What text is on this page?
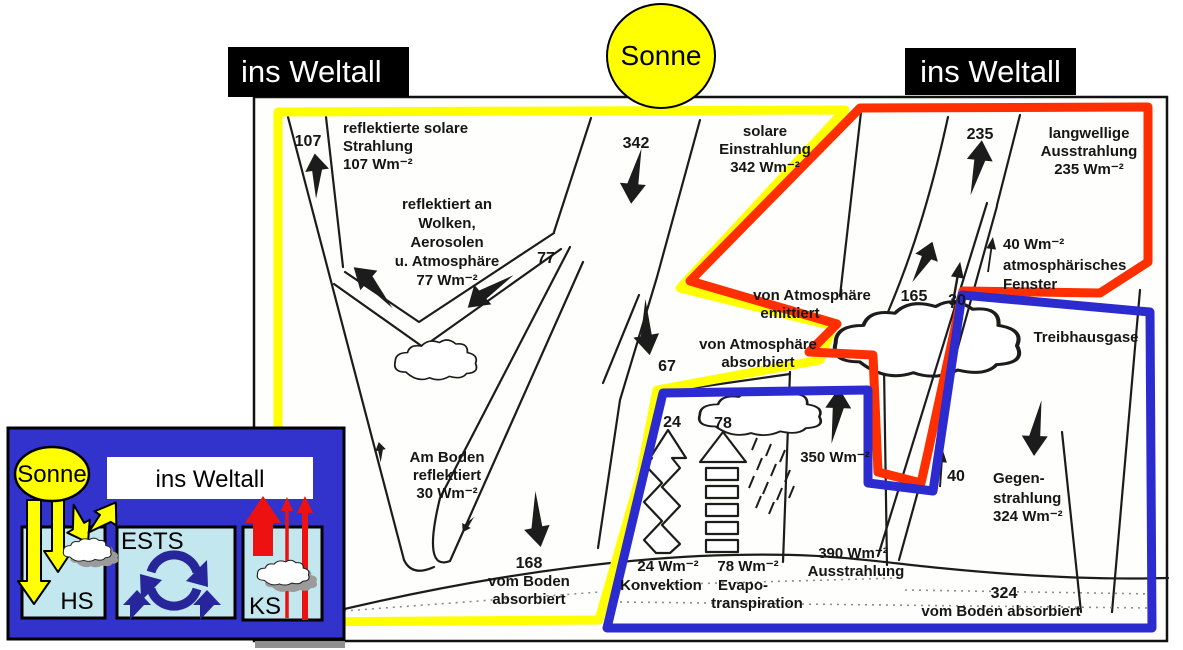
107
reflektierte solare
Strahlung
107 Wm⁻²
reflektiert an
Wolken,
Aerosolen
u. Atmosphäre
77 Wm⁻²
77
342
solare
Einstrahlung
342 Wm⁻²
235	langwellige
Ausstrahlung
235 Wm⁻²
40 Wm⁻²
atmosphärisches
Fenster
von Atmosphäre
emittiert
165 30
von Atmosphäre
absorbiert
67
Am Boden
reflektiert
30 Wm⁻²
168
vom Boden
absorbiert
24 78
24 Wm⁻²
Konvektion
78 Wm⁻²
Evapo-
transpiration
350 Wm⁻²
390 Wm⁻²
Ausstrahlung
Treibhausgase
40 Gegen-
strahlung
324 Wm⁻²
324
vom Boden absorbiert
ins Weltall
Sonne
HS
ESTS
KS
ins Weltall	ins Weltall
Sonne
